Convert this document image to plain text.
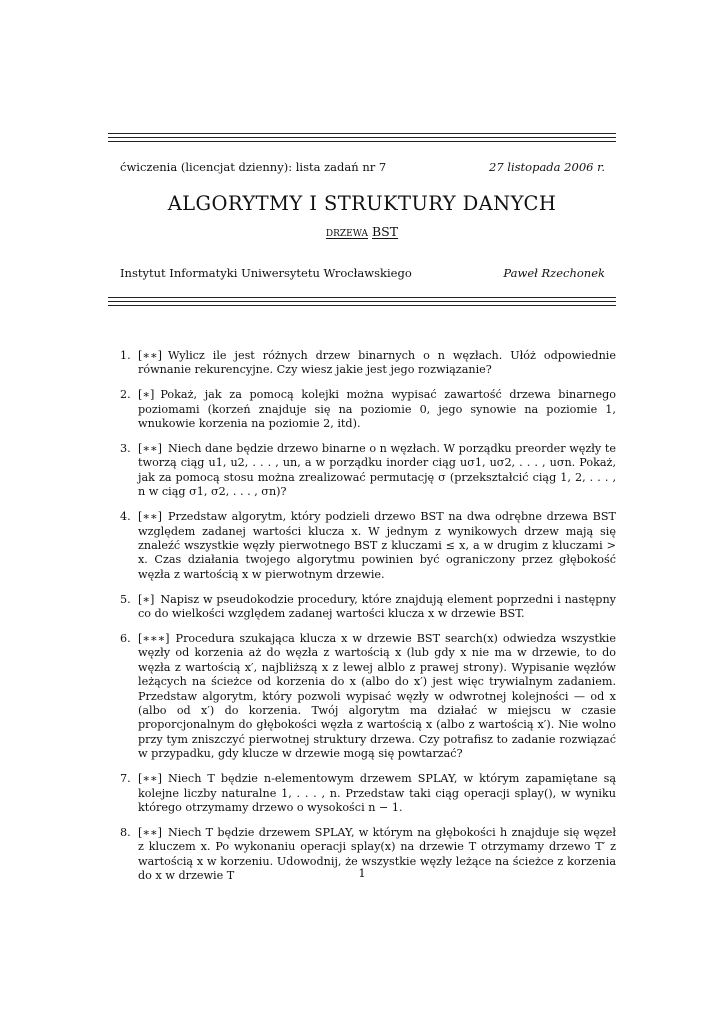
ćwiczenia (licencjat dzienny): lista zadań nr 7	27 listopada 2006 r.
ALGORYTMY I STRUKTURY DANYCH
drzewa BST
Instytut Informatyki Uniwersytetu Wrocławskiego	Paweł Rzechonek
1. [∗∗] Wylicz ile jest różnych drzew binarnych o n węzłach. Ułóż odpowiednie równanie rekurencyjne. Czy wiesz jakie jest jego rozwiązanie?
2. [∗] Pokaż, jak za pomocą kolejki można wypisać zawartość drzewa binarnego poziomami (korzeń znajduje się na poziomie 0, jego synowie na poziomie 1, wnukowie korzenia na poziomie 2, itd).
3. [∗∗] Niech dane będzie drzewo binarne o n węzłach. W porządku preorder węzły te tworzą ciąg u1, u2, . . . , un, a w porządku inorder ciąg uσ1, uσ2, . . . , uσn. Pokaż, jak za pomocą stosu można zrealizować permutację σ (przekształcić ciąg 1, 2, . . . , n w ciąg σ1, σ2, . . . , σn)?
4. [∗∗] Przedstaw algorytm, który podzieli drzewo BST na dwa odrębne drzewa BST względem zadanej wartości klucza x. W jednym z wynikowych drzew mają się znaleźć wszystkie węzły pierwotnego BST z kluczami ≤ x, a w drugim z kluczami > x. Czas działania twojego algorytmu powinien być ograniczony przez głębokość węzła z wartością x w pierwotnym drzewie.
5. [∗] Napisz w pseudokodzie procedury, które znajdują element poprzedni i następny co do wielkości względem zadanej wartości klucza x w drzewie BST.
6. [∗∗∗] Procedura szukająca klucza x w drzewie BST search(x) odwiedza wszystkie węzły od korzenia aż do węzła z wartością x (lub gdy x nie ma w drzewie, to do węzła z wartością x′, najbliższą x z lewej alblo z prawej strony). Wypisanie węzłów leżących na ścieżce od korzenia do x (albo do x′) jest więc trywialnym zadaniem. Przedstaw algorytm, który pozwoli wypisać węzły w odwrotnej kolejności — od x (albo od x′) do korzenia. Twój algorytm ma działać w miejscu w czasie proporcjonalnym do głębokości węzła z wartością x (albo z wartością x′). Nie wolno przy tym zniszczyć pierwotnej struktury drzewa. Czy potrafisz to zadanie rozwiązać w przypadku, gdy klucze w drzewie mogą się powtarzać?
7. [∗∗] Niech T będzie n-elementowym drzewem SPLAY, w którym zapamiętane są kolejne liczby naturalne 1, . . . , n. Przedstaw taki ciąg operacji splay(), w wyniku którego otrzymamy drzewo o wysokości n − 1.
8. [∗∗] Niech T będzie drzewem SPLAY, w którym na głębokości h znajduje się węzeł z kluczem x. Po wykonaniu operacji splay(x) na drzewie T otrzymamy drzewo T′ z wartością x w korzeniu. Udowodnij, że wszystkie węzły leżące na ścieżce z korzenia do x w drzewie T	1
